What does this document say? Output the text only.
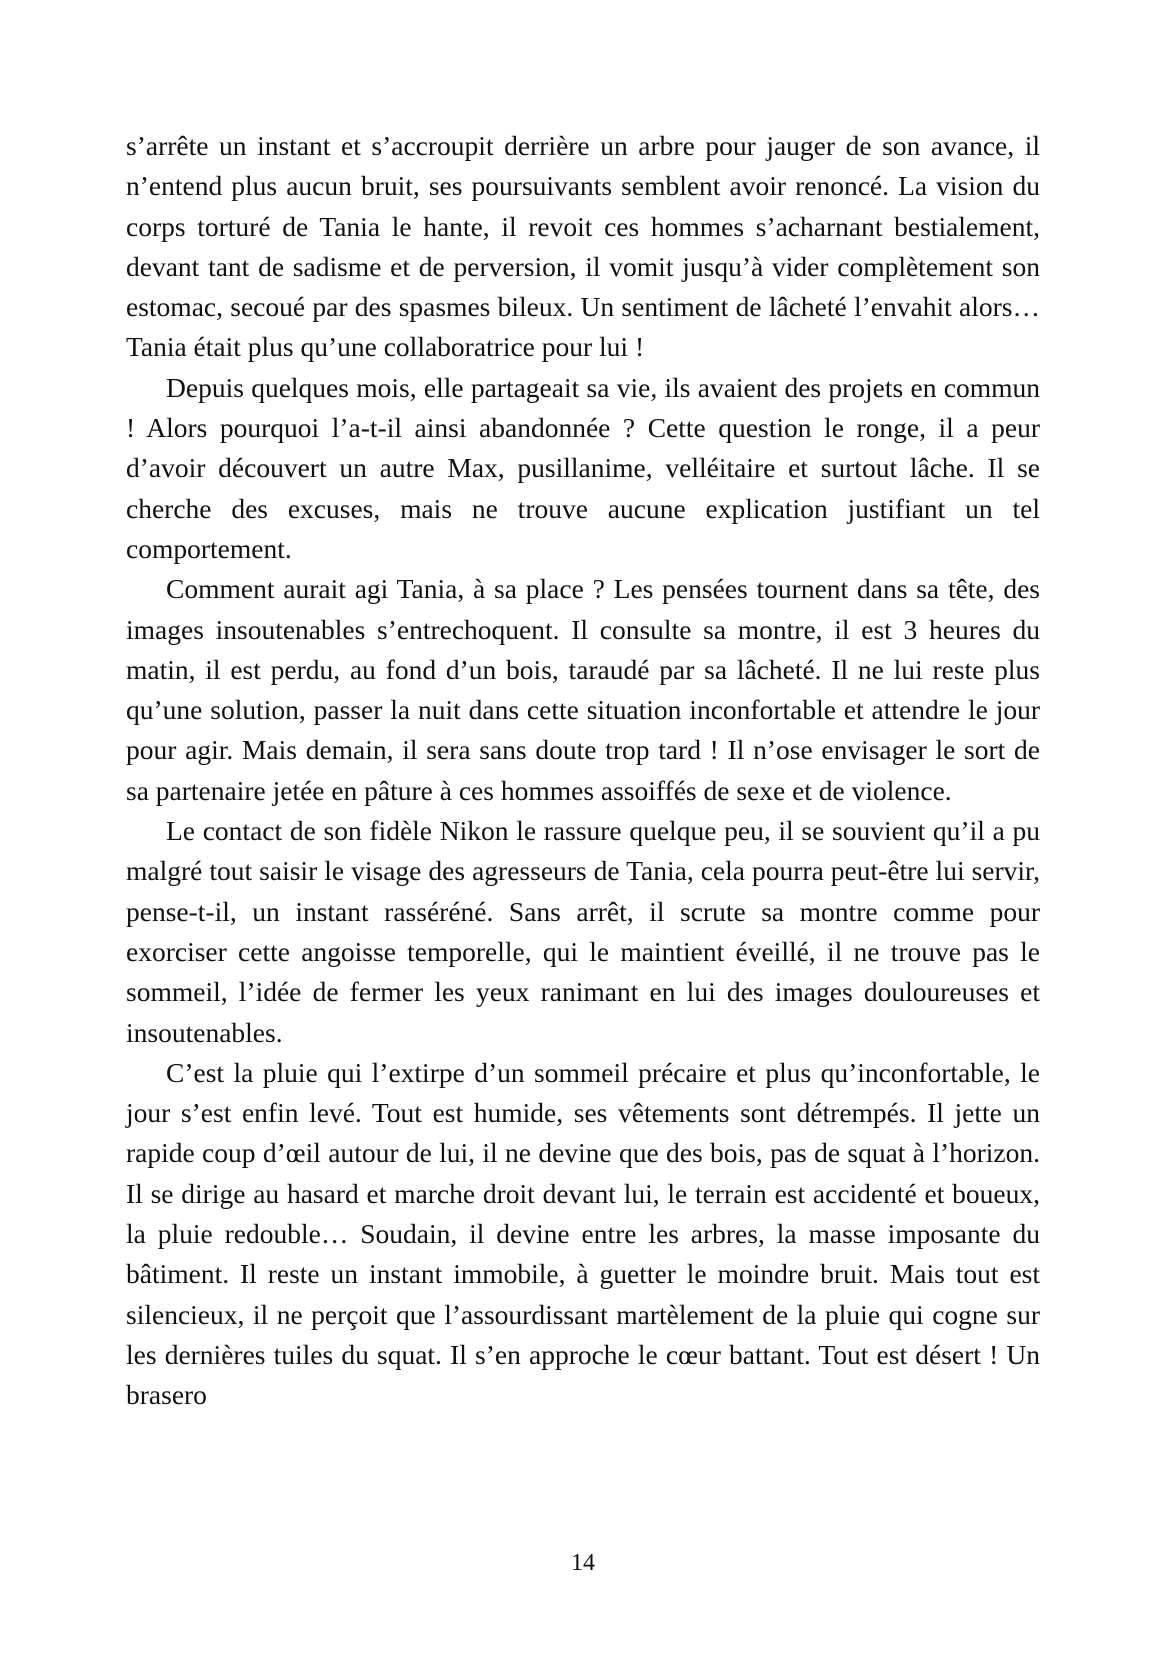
s’arrête un instant et s’accroupit derrière un arbre pour jauger de son avance, il n’entend plus aucun bruit, ses poursuivants semblent avoir renoncé. La vision du corps torturé de Tania le hante, il revoit ces hommes s’acharnant bestialement, devant tant de sadisme et de perversion, il vomit jusqu’à vider complètement son estomac, secoué par des spasmes bileux. Un sentiment de lâcheté l’envahit alors… Tania était plus qu’une collaboratrice pour lui !

Depuis quelques mois, elle partageait sa vie, ils avaient des projets en commun ! Alors pourquoi l’a-t-il ainsi abandonnée ? Cette question le ronge, il a peur d’avoir découvert un autre Max, pusillanime, velléitaire et surtout lâche. Il se cherche des excuses, mais ne trouve aucune explication justifiant un tel comportement.

Comment aurait agi Tania, à sa place ? Les pensées tournent dans sa tête, des images insoutenables s’entrechoquent. Il consulte sa montre, il est 3 heures du matin, il est perdu, au fond d’un bois, taraudé par sa lâcheté. Il ne lui reste plus qu’une solution, passer la nuit dans cette situation inconfortable et attendre le jour pour agir. Mais demain, il sera sans doute trop tard ! Il n’ose envisager le sort de sa partenaire jetée en pâture à ces hommes assoiffés de sexe et de violence.

Le contact de son fidèle Nikon le rassure quelque peu, il se souvient qu’il a pu malgré tout saisir le visage des agresseurs de Tania, cela pourra peut-être lui servir, pense-t-il, un instant rasséréné. Sans arrêt, il scrute sa montre comme pour exorciser cette angoisse temporelle, qui le maintient éveillé, il ne trouve pas le sommeil, l’idée de fermer les yeux ranimant en lui des images douloureuses et insoutenables.

C’est la pluie qui l’extirpe d’un sommeil précaire et plus qu’inconfortable, le jour s’est enfin levé. Tout est humide, ses vêtements sont détrempés. Il jette un rapide coup d’œil autour de lui, il ne devine que des bois, pas de squat à l’horizon. Il se dirige au hasard et marche droit devant lui, le terrain est accidenté et boueux, la pluie redouble… Soudain, il devine entre les arbres, la masse imposante du bâtiment. Il reste un instant immobile, à guetter le moindre bruit. Mais tout est silencieux, il ne perçoit que l’assourdissant martèlement de la pluie qui cogne sur les dernières tuiles du squat. Il s’en approche le cœur battant. Tout est désert ! Un brasero

14
